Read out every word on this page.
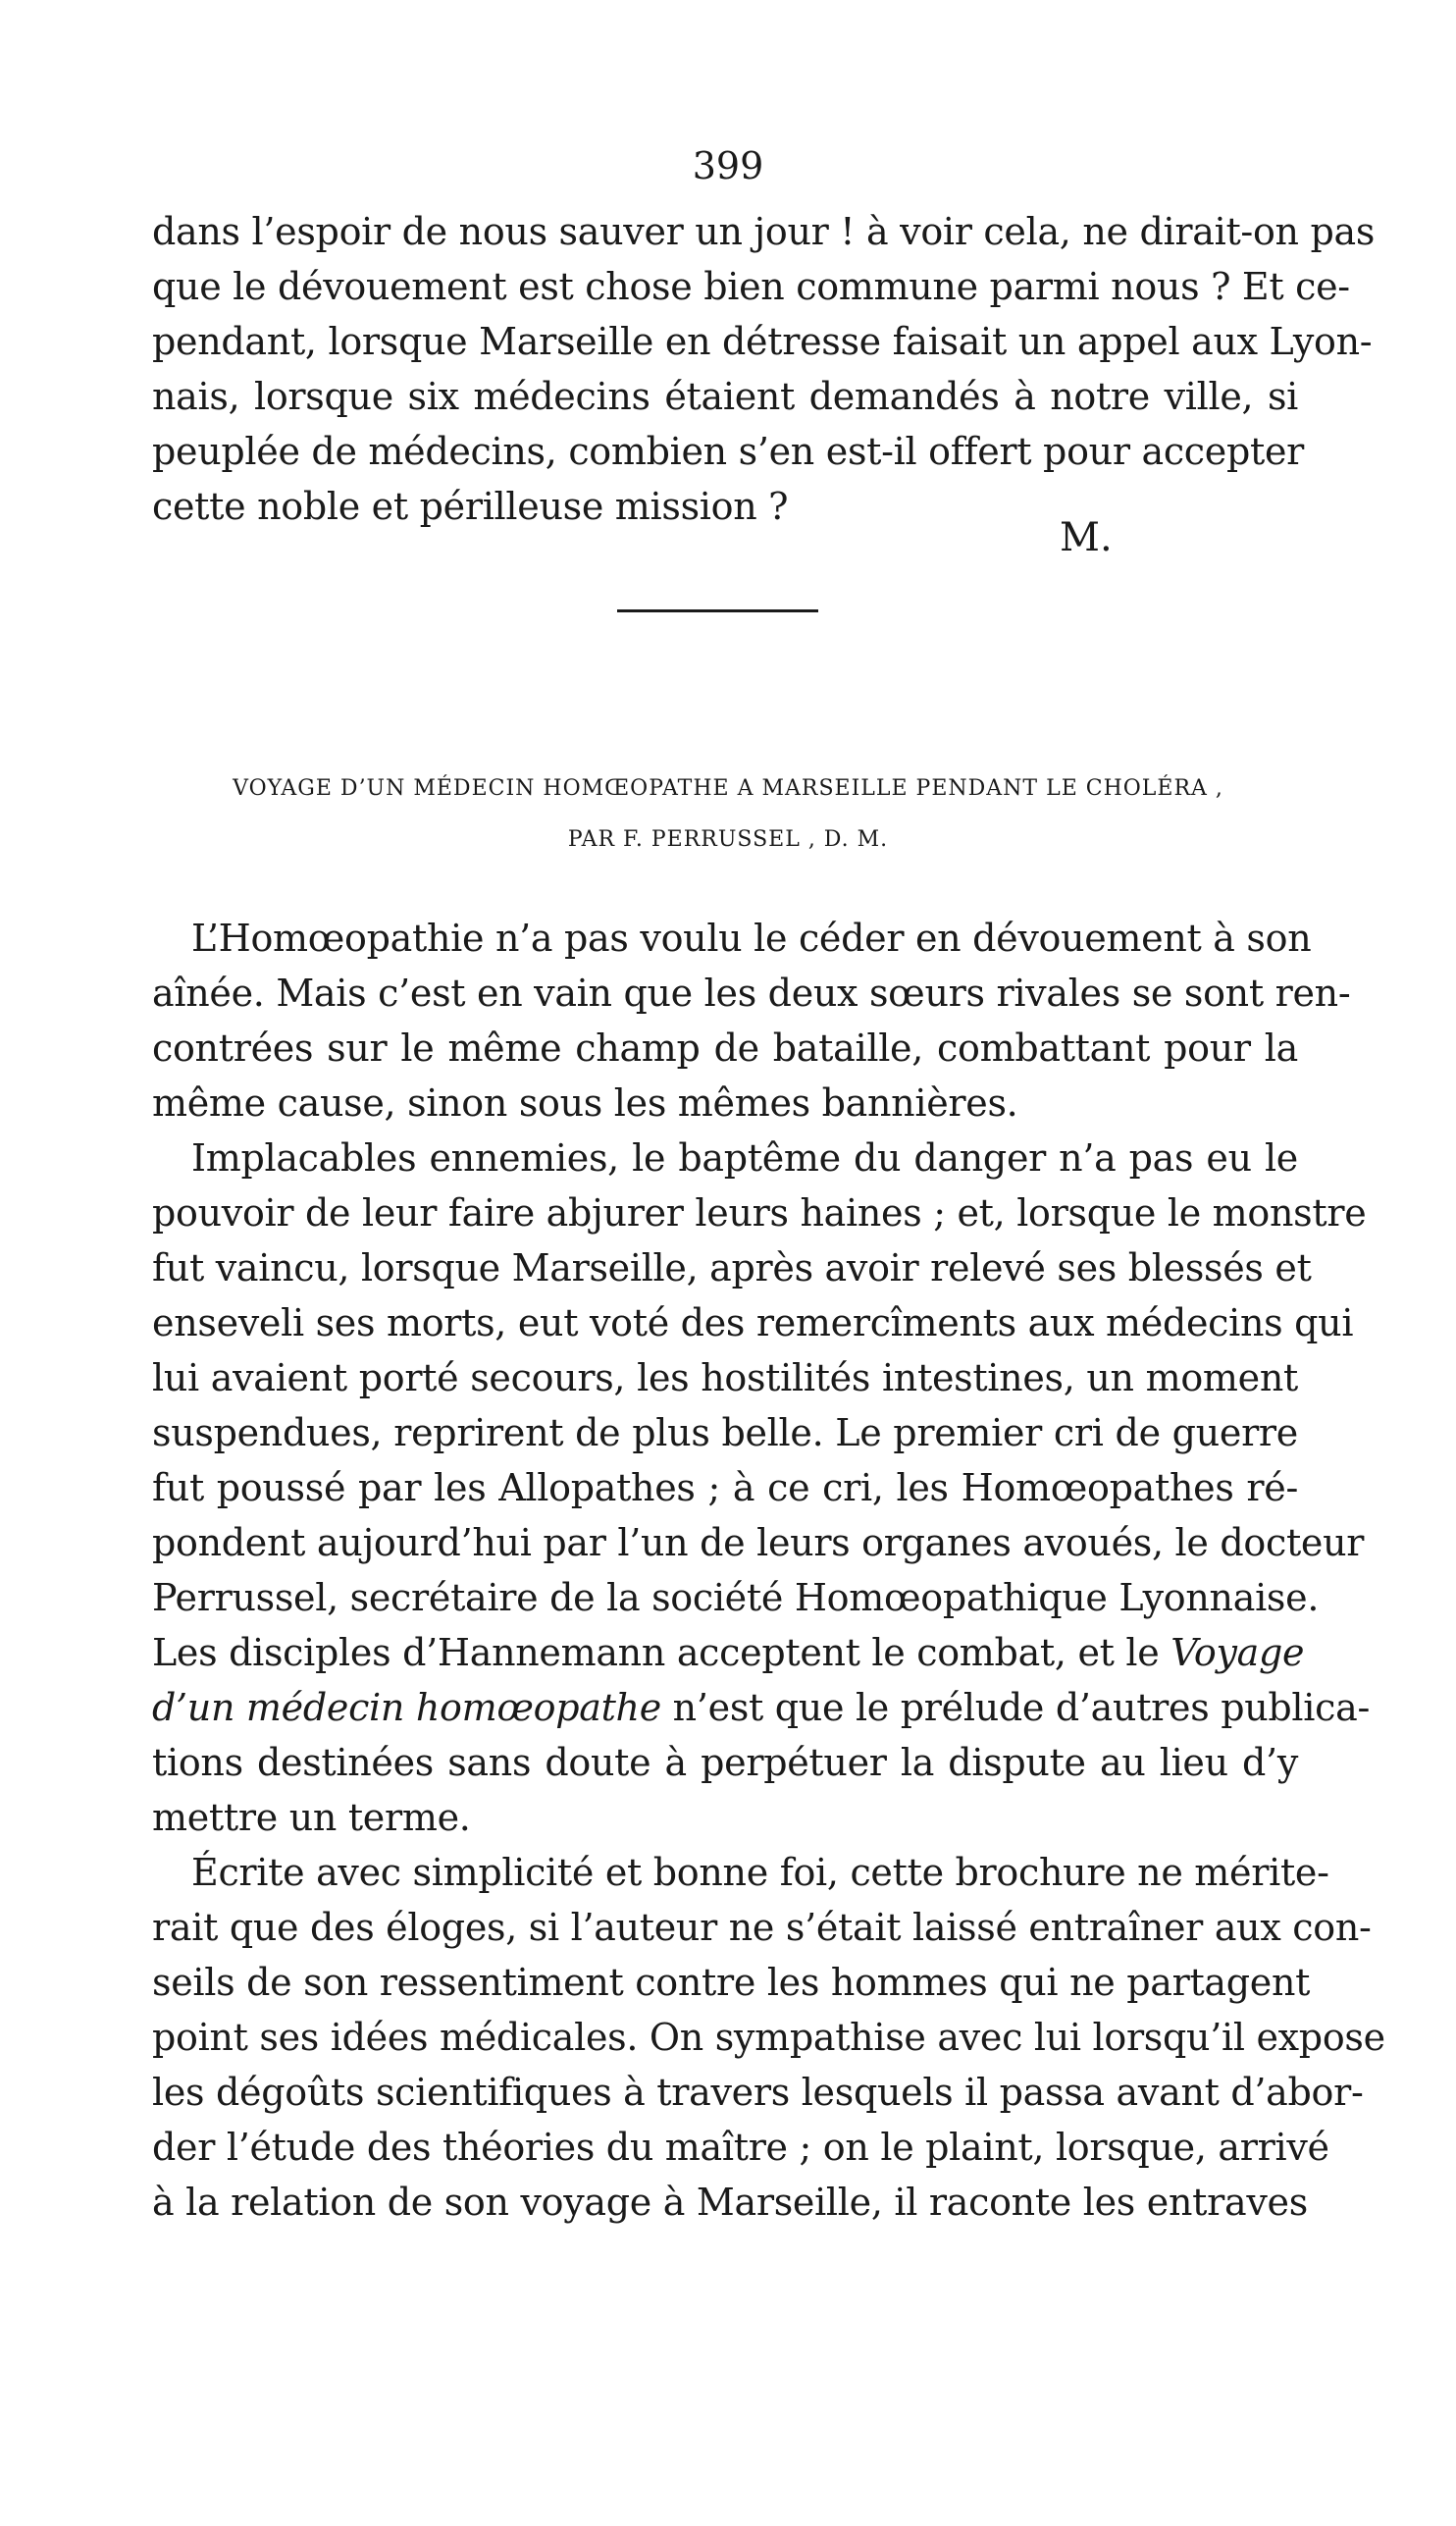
399
dans l’espoir de nous sauver un jour ! à voir cela, ne dirait-on pas
que le dévouement est chose bien commune parmi nous ? Et ce-
pendant, lorsque Marseille en détresse faisait un appel aux Lyon-
nais, lorsque six médecins étaient demandés à notre ville, si
peuplée de médecins, combien s’en est-il offert pour accepter
cette noble et périlleuse mission ?
M.
VOYAGE D’UN MÉDECIN HOMŒOPATHE A MARSEILLE PENDANT LE CHOLÉRA ,
PAR F. PERRUSSEL , D. M.
L’Homœopathie n’a pas voulu le céder en dévouement à son
aînée. Mais c’est en vain que les deux sœurs rivales se sont ren-
contrées sur le même champ de bataille, combattant pour la
même cause, sinon sous les mêmes bannières.
Implacables ennemies, le baptême du danger n’a pas eu le
pouvoir de leur faire abjurer leurs haines ; et, lorsque le monstre
fut vaincu, lorsque Marseille, après avoir relevé ses blessés et
enseveli ses morts, eut voté des remercîments aux médecins qui
lui avaient porté secours, les hostilités intestines, un moment
suspendues, reprirent de plus belle. Le premier cri de guerre
fut poussé par les Allopathes ; à ce cri, les Homœopathes ré-
pondent aujourd’hui par l’un de leurs organes avoués, le docteur
Perrussel, secrétaire de la société Homœopathique Lyonnaise.
Les disciples d’Hannemann acceptent le combat, et le Voyage
d’un médecin homœopathe n’est que le prélude d’autres publica-
tions destinées sans doute à perpétuer la dispute au lieu d’y
mettre un terme.
Écrite avec simplicité et bonne foi, cette brochure ne mérite-
rait que des éloges, si l’auteur ne s’était laissé entraîner aux con-
seils de son ressentiment contre les hommes qui ne partagent
point ses idées médicales. On sympathise avec lui lorsqu’il expose
les dégoûts scientifiques à travers lesquels il passa avant d’abor-
der l’étude des théories du maître ; on le plaint, lorsque, arrivé
à la relation de son voyage à Marseille, il raconte les entraves
